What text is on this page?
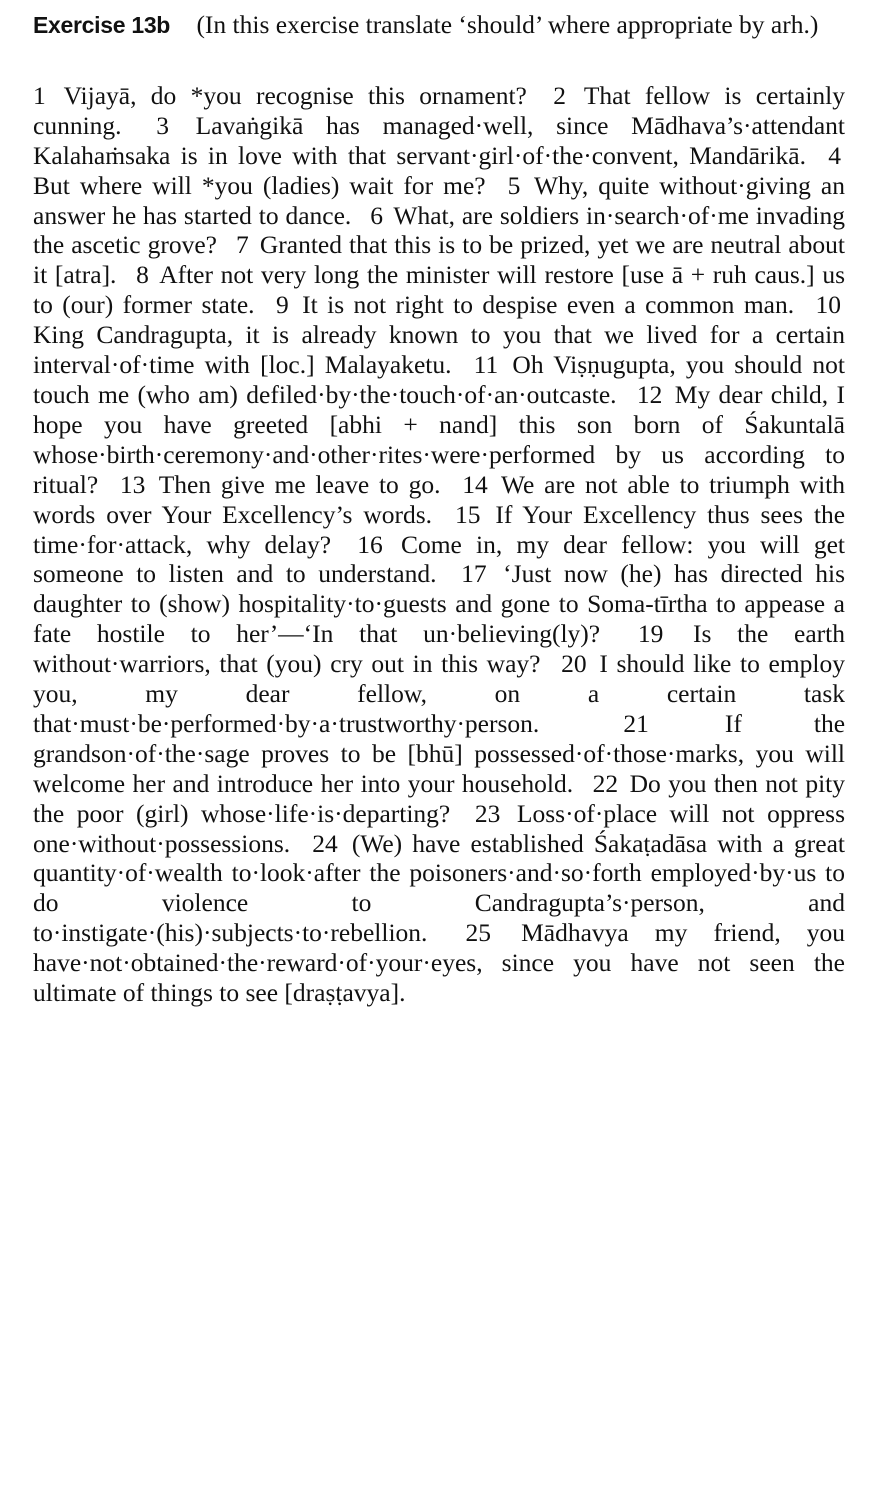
Exercise 13b (In this exercise translate ‘should’ where appropriate by arh.)

1 Vijayā, do *you recognise this ornament? 2 That fellow is certainly cunning. 3 Lavaṅgikā has managed·well, since Mādhava’s·attendant Kalahaṁsaka is in love with that servant·girl·of·the·convent, Mandārikā. 4 But where will *you (ladies) wait for me? 5 Why, quite without·giving an answer he has started to dance. 6 What, are soldiers in·search·of·me invading the ascetic grove? 7 Granted that this is to be prized, yet we are neutral about it [atra]. 8 After not very long the minister will restore [use ā + ruh caus.] us to (our) former state. 9 It is not right to despise even a common man. 10 King Candragupta, it is already known to you that we lived for a certain interval·of·time with [loc.] Malayaketu. 11 Oh Viṣṇugupta, you should not touch me (who am) defiled·by·the·touch·of·an·outcaste. 12 My dear child, I hope you have greeted [abhi + nand] this son born of Śakuntalā whose·birth·ceremony·and·other·rites·were·performed by us according to ritual? 13 Then give me leave to go. 14 We are not able to triumph with words over Your Excellency’s words. 15 If Your Excellency thus sees the time·for·attack, why delay? 16 Come in, my dear fellow: you will get someone to listen and to understand. 17 ‘Just now (he) has directed his daughter to (show) hospitality·to·guests and gone to Soma-tīrtha to appease a fate hostile to her’—‘In that un·believing(ly)? 19 Is the earth without·warriors, that (you) cry out in this way? 20 I should like to employ you, my dear fellow, on a certain task that·must·be·performed·by·a·trustworthy·person.	21	If the grandson·of·the·sage proves to be [bhū] possessed·of·those·marks, you will welcome her and introduce her into your household. 22 Do you then not pity the poor (girl) whose·life·is·departing? 23 Loss·of·place will not oppress one·without·possessions. 24 (We) have established Śakaṭadāsa with a great quantity·of·wealth to·look·after the poisoners·and·so·forth employed·by·us to do violence to Candragupta’s·person, and to·instigate·(his)·subjects·to·rebellion. 25 Mādhavya my friend, you have·not·obtained·the·reward·of·your·eyes, since you have not seen the ultimate of things to see [draṣṭavya].
